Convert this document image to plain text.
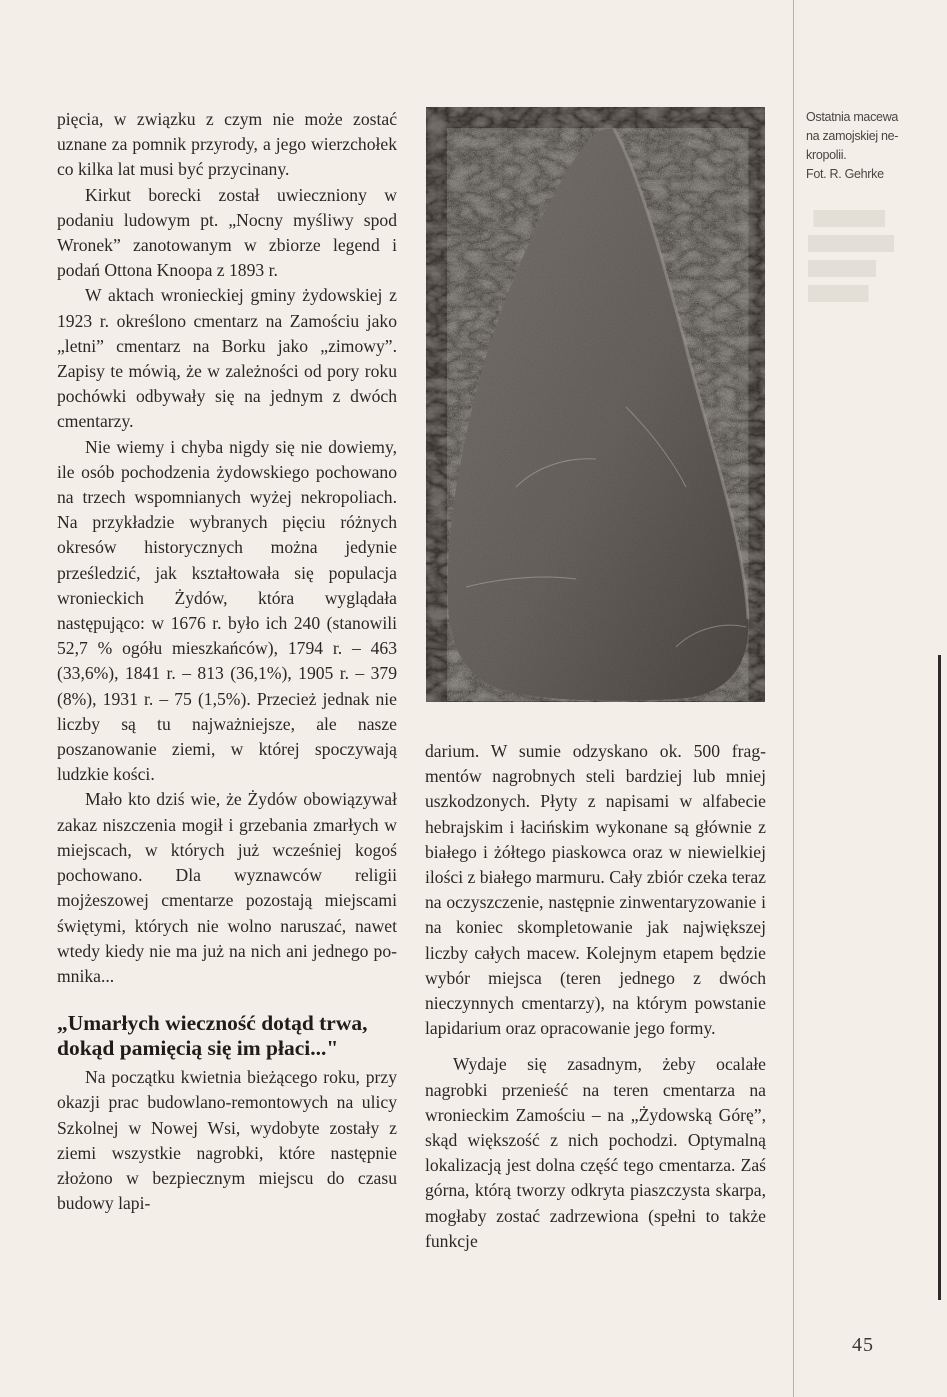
pięcia, w związku z czym nie może zostać uznane za pomnik przyrody, a jego wierzchołek co kilka lat musi być przycinany.

Kirkut borecki został uwieczniony w podaniu ludowym pt. „Nocny myśliwy spod Wronek” zanotowanym w zbiorze legend i podań Ottona Knoopa z 1893 r.

W aktach wronieckiej gminy żydowskiej z 1923 r. określono cmentarz na Zamościu jako „letni” cmentarz na Borku jako „zimowy”. Zapisy te mówią, że w zależności od pory roku pochówki odbywały się na jednym z dwóch cmentarzy.

Nie wiemy i chyba nigdy się nie dowiemy, ile osób pochodzenia żydowskiego pochowano na trzech wspomnianych wyżej nekropoliach. Na przykładzie wybranych pięciu różnych okresów historycznych można jedynie prześledzić, jak kształtowała się populacja wronieckich Żydów, która wyglądała następująco: w 1676 r. było ich 240 (stanowili 52,7 % ogółu mieszkańców), 1794 r. – 463 (33,6%), 1841 r. – 813 (36,1%), 1905 r. – 379 (8%), 1931 r. – 75 (1,5%). Przecież jednak nie liczby są tu najważniejsze, ale nasze poszanowanie ziemi, w której spoczywają ludzkie kości.

Mało kto dziś wie, że Żydów obowiązywał zakaz niszczenia mogił i grzebania zmarłych w miejscach, w których już wcześniej kogoś pochowano. Dla wyznawców religii mojżeszowej cmentarze pozostają miejscami świętymi, których nie wolno naruszać, nawet wtedy kiedy nie ma już na nich ani jednego pomnika...

„Umarłych wieczność dotąd trwa, dokąd pamięcią się im płaci..."

Na początku kwietnia bieżącego roku, przy okazji prac budowlano-remontowych na ulicy Szkolnej w Nowej Wsi, wydobyte zostały z ziemi wszystkie nagrobki, które następnie złożono w bezpiecznym miejscu do czasu budowy lapi-

darium. W sumie odzyskano ok. 500 fragmentów nagrobnych steli bardziej lub mniej uszkodzonych. Płyty z napisami w alfabecie hebrajskim i łacińskim wykonane są głównie z białego i żółtego piaskowca oraz w niewielkiej ilości z białego marmuru. Cały zbiór czeka teraz na oczyszczenie, następnie zinwentaryzowanie i na koniec skompletowanie jak największej liczby całych macew. Kolejnym etapem będzie wybór miejsca (teren jednego z dwóch nieczynnych cmentarzy), na którym powstanie lapidarium oraz opracowanie jego formy.

Wydaje się zasadnym, żeby ocalałe nagrobki przenieść na teren cmentarza na wronieckim Zamościu – na „Żydowską Górę”, skąd większość z nich pochodzi. Optymalną lokalizacją jest dolna część tego cmentarza. Zaś górna, którą tworzy odkryta piaszczysta skarpa, mogłaby zostać zadrzewiona (spełni to także funkcje

Ostatnia macewa
na zamojskiej ne-
kropolii.
Fot. R. Gehrke
45
